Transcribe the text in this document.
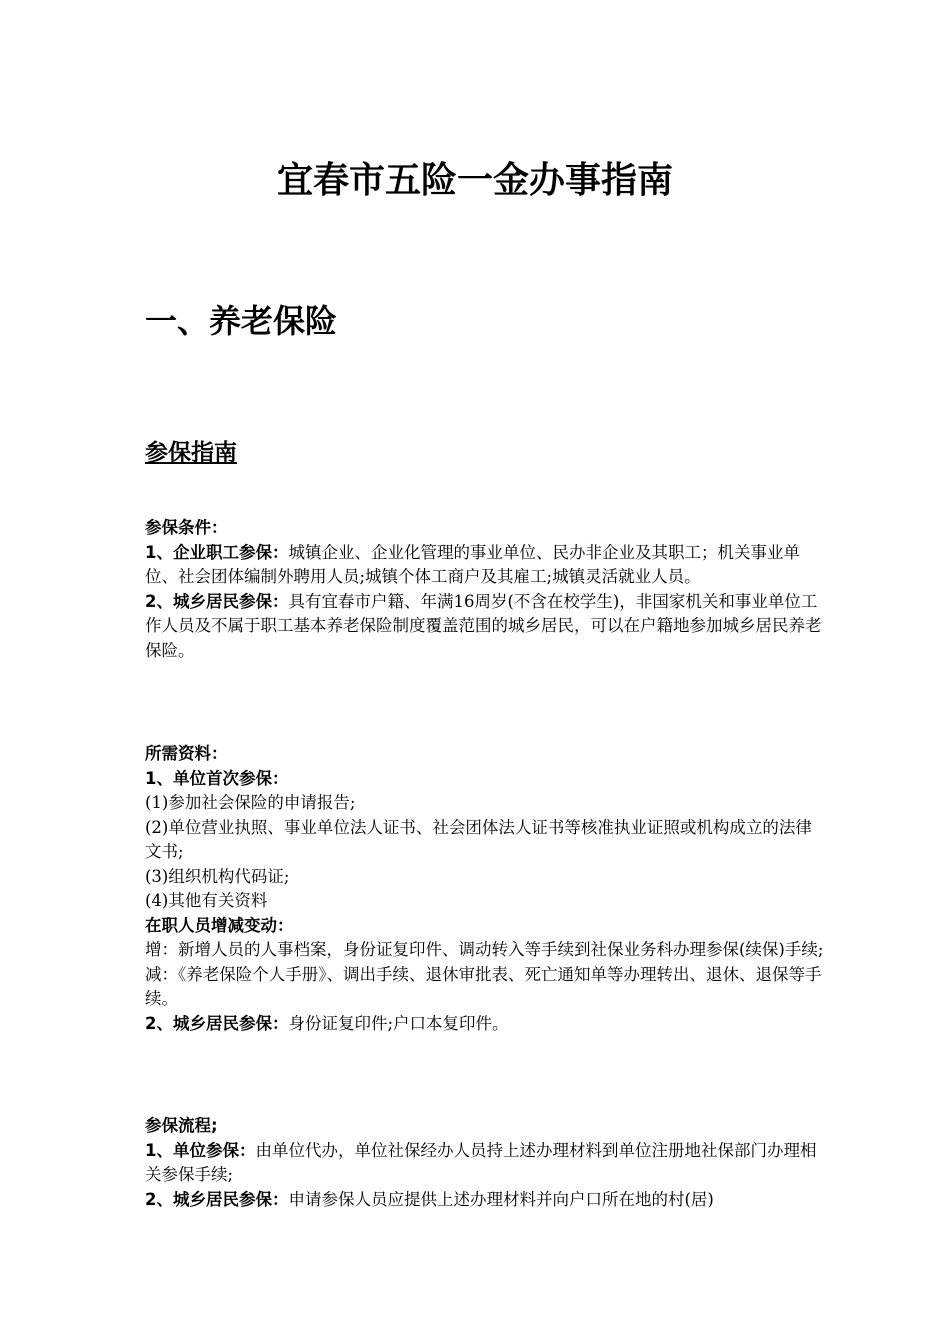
宜春市五险一金办事指南
一、养老保险
参保指南

参保条件：

1、企业职工参保：城镇企业、企业化管理的事业单位、民办非企业及其职工；机关事业单位、社会团体编制外聘用人员;城镇个体工商户及其雇工;城镇灵活就业人员。

2、城乡居民参保：具有宜春市户籍、年满16周岁(不含在校学生)，非国家机关和事业单位工作人员及不属于职工基本养老保险制度覆盖范围的城乡居民，可以在户籍地参加城乡居民养老保险。

所需资料：

1、单位首次参保：

(1)参加社会保险的申请报告;

(2)单位营业执照、事业单位法人证书、社会团体法人证书等核准执业证照或机构成立的法律文书;

(3)组织机构代码证;

(4)其他有关资料

在职人员增减变动：

增：新增人员的人事档案，身份证复印件、调动转入等手续到社保业务科办理参保(续保)手续;

减：《养老保险个人手册》、调出手续、退休审批表、死亡通知单等办理转出、退休、退保等手续。

2、城乡居民参保：身份证复印件;户口本复印件。

参保流程;

1、单位参保：由单位代办，单位社保经办人员持上述办理材料到单位注册地社保部门办理相关参保手续;

2、城乡居民参保：申请参保人员应提供上述办理材料并向户口所在地的村(居)
